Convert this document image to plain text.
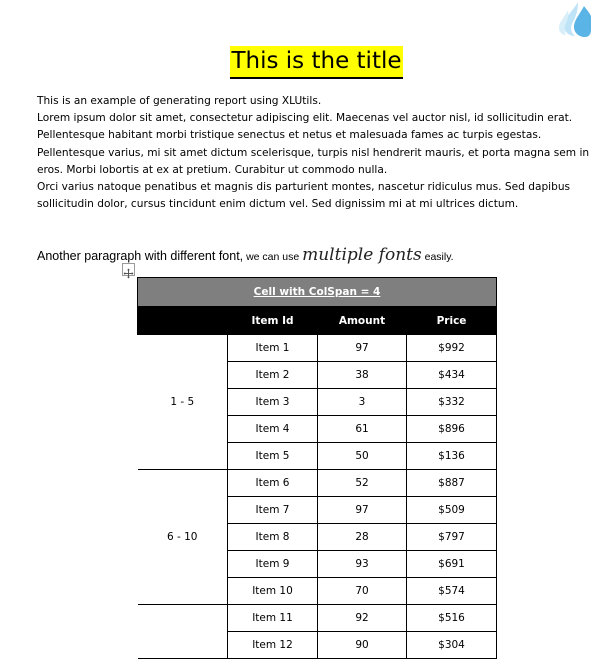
This is the title
This is an example of generating report using XLUtils.
Lorem ipsum dolor sit amet, consectetur adipiscing elit. Maecenas vel auctor nisl, id sollicitudin erat.
Pellentesque habitant morbi tristique senectus et netus et malesuada fames ac turpis egestas.
Pellentesque varius, mi sit amet dictum scelerisque, turpis nisl hendrerit mauris, et porta magna sem in
eros. Morbi lobortis at ex at pretium. Curabitur ut commodo nulla.
Orci varius natoque penatibus et magnis dis parturient montes, nascetur ridiculus mus. Sed dapibus
sollicitudin dolor, cursus tincidunt enim dictum vel. Sed dignissim mi at mi ultrices dictum.
Another paragraph with different font, we can use multiple fonts easily.
Cell with ColSpan = 4			
	Item Id	Amount	Price
1 - 5	Item 1	97	$992
	Item 2	38	$434
	Item 3	3	$332
	Item 4	61	$896
	Item 5	50	$136
6 - 10	Item 6	52	$887
	Item 7	97	$509
	Item 8	28	$797
	Item 9	93	$691
	Item 10	70	$574
	Item 11	92	$516
	Item 12	90	$304
